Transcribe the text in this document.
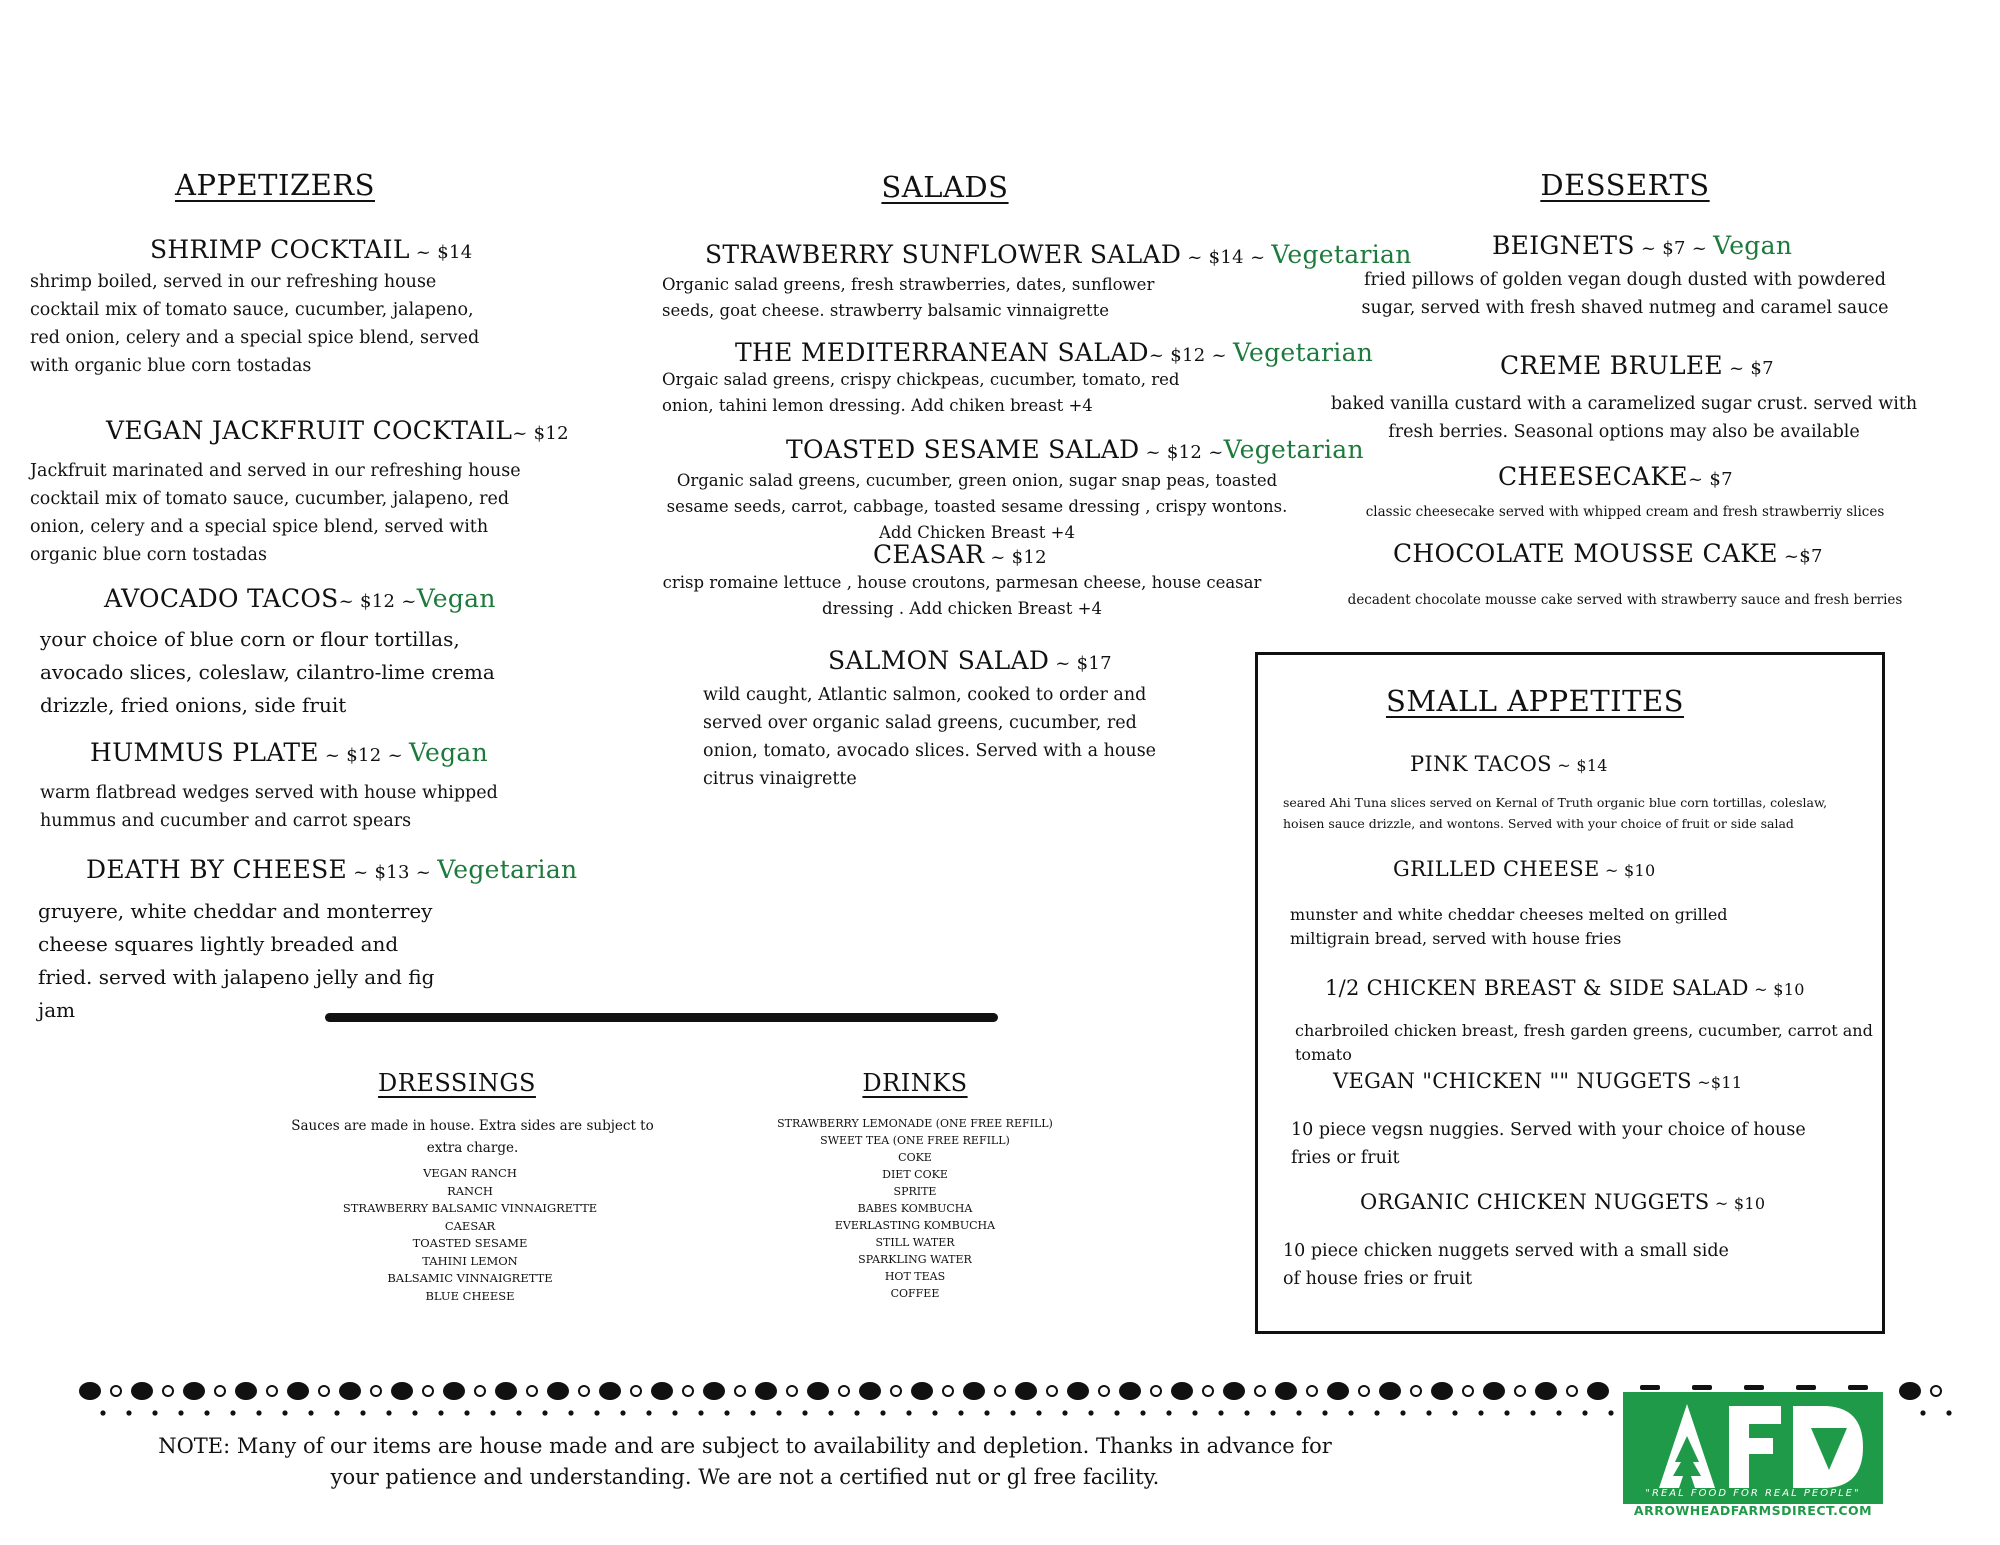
APPETIZERS
SHRIMP COCKTAIL ~ $14
shrimp boiled, served in our refreshing house cocktail mix of tomato sauce, cucumber, jalapeno, red onion, celery and a special spice blend, served with organic blue corn tostadas
VEGAN JACKFRUIT COCKTAIL~ $12
Jackfruit marinated and served in our refreshing house cocktail mix of tomato sauce, cucumber, jalapeno, red onion, celery and a special spice blend, served with organic blue corn tostadas
AVOCADO TACOS~ $12 ~Vegan
your choice of blue corn or flour tortillas, avocado slices, coleslaw, cilantro-lime crema drizzle, fried onions, side fruit
HUMMUS PLATE ~ $12 ~ Vegan
warm flatbread wedges served with house whipped hummus and cucumber and carrot spears
DEATH BY CHEESE ~ $13 ~ Vegetarian
gruyere, white cheddar and monterrey cheese squares lightly breaded and fried. served with jalapeno jelly and fig jam
SALADS
STRAWBERRY SUNFLOWER SALAD ~ $14 ~ Vegetarian
Organic salad greens, fresh strawberries, dates, sunflower seeds, goat cheese. strawberry balsamic vinnaigrette
THE MEDITERRANEAN SALAD~ $12 ~ Vegetarian
Orgaic salad greens, crispy chickpeas, cucumber, tomato, red onion, tahini lemon dressing. Add chiken breast +4
TOASTED SESAME SALAD ~ $12 ~Vegetarian
Organic salad greens, cucumber, green onion, sugar snap peas, toasted sesame seeds, carrot, cabbage, toasted sesame dressing , crispy wontons. Add Chicken Breast +4
CEASAR ~ $12
crisp romaine lettuce , house croutons, parmesan cheese, house ceasar dressing . Add chicken Breast +4
SALMON SALAD ~ $17
wild caught, Atlantic salmon, cooked to order and served over organic salad greens, cucumber, red onion, tomato, avocado slices. Served with a house citrus vinaigrette
DESSERTS
BEIGNETS ~ $7 ~ Vegan
fried pillows of golden vegan dough dusted with powdered sugar, served with fresh shaved nutmeg and caramel sauce
CREME BRULEE ~ $7
baked vanilla custard with a caramelized sugar crust. served with fresh berries. Seasonal options may also be available
CHEESECAKE~ $7
classic cheesecake served with whipped cream and fresh strawberriy slices
CHOCOLATE MOUSSE CAKE ~$7
decadent chocolate mousse cake served with strawberry sauce and fresh berries
SMALL APPETITES
PINK TACOS ~ $14
seared Ahi Tuna slices served on Kernal of Truth organic blue corn tortillas, coleslaw, hoisen sauce drizzle, and wontons. Served with your choice of fruit or side salad
GRILLED CHEESE ~ $10
munster and white cheddar cheeses melted on grilled miltigrain bread, served with house fries
1/2 CHICKEN BREAST & SIDE SALAD ~ $10
charbroiled chicken breast, fresh garden greens, cucumber, carrot and tomato
VEGAN "CHICKEN "" NUGGETS ~$11
10 piece vegsn nuggies. Served with your choice of house fries or fruit
ORGANIC CHICKEN NUGGETS ~ $10
10 piece chicken nuggets served with a small side of house fries or fruit
DRESSINGS
Sauces are made in house. Extra sides are subject to extra charge.
VEGAN RANCH
RANCH
STRAWBERRY BALSAMIC VINNAIGRETTE
CAESAR
TOASTED SESAME
TAHINI LEMON
BALSAMIC VINNAIGRETTE
BLUE CHEESE
DRINKS
STRAWBERRY LEMONADE (ONE FREE REFILL)
SWEET TEA (ONE FREE REFILL)
COKE
DIET COKE
SPRITE
BABES KOMBUCHA
EVERLASTING KOMBUCHA
STILL WATER
SPARKLING WATER
HOT TEAS
COFFEE
NOTE: Many of our items are house made and are subject to availability and depletion. Thanks in advance for your patience and understanding. We are not a certified nut or gl free facility.
"REAL FOOD FOR REAL PEOPLE"
ARROWHEADFARMSDIRECT.COM
